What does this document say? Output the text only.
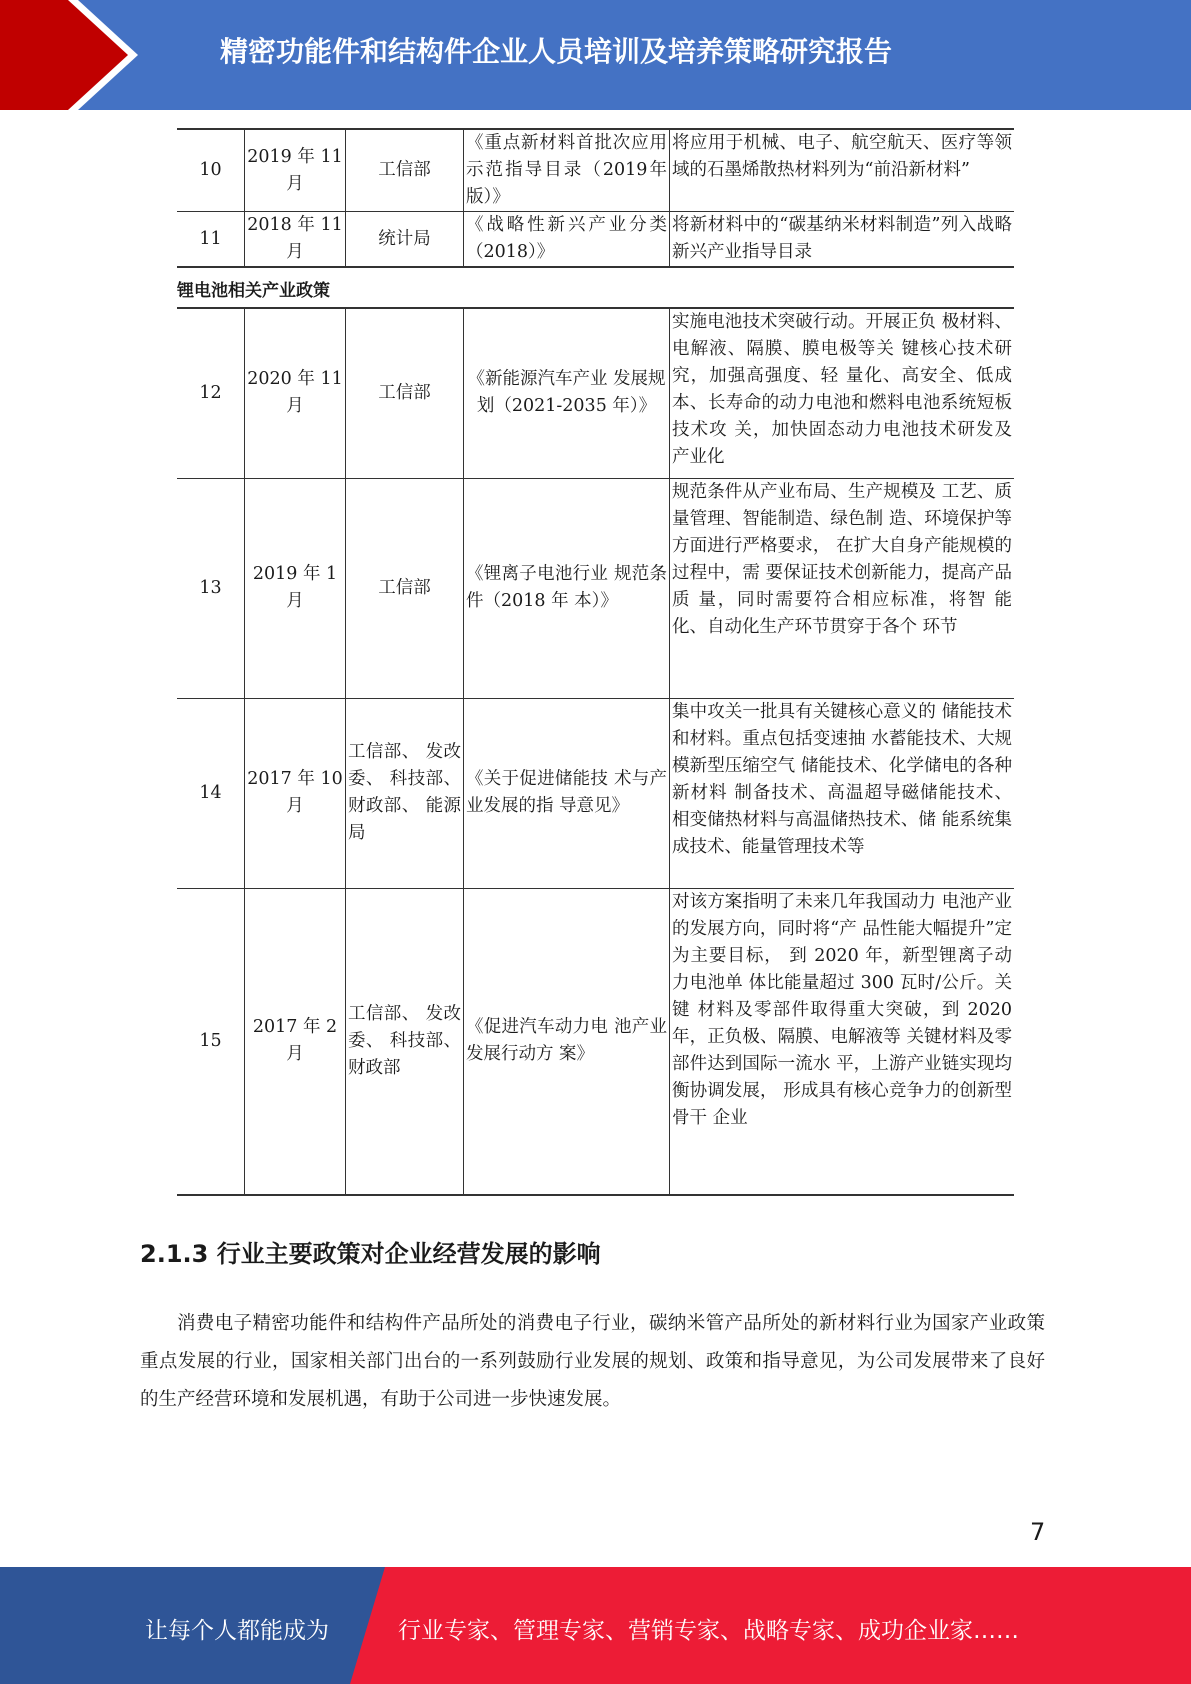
精密功能件和结构件企业人员培训及培养策略研究报告
10	2019 年 11 月	工信部	《重点新材料首批次应用示范指导目录（2019年版）》	将应用于机械、电子、航空航天、医疗等领域的石墨烯散热材料列为“前沿新材料”
11	2018 年 11 月	统计局	《战略性新兴产业分类（2018）》	将新材料中的“碳基纳米材料制造”列入战略新兴产业指导目录
锂电池相关产业政策
12	2020 年 11 月	工信部	《新能源汽车产业 发展规划（2021-2035 年）》	实施电池技术突破行动。开展正负 极材料、电解液、隔膜、膜电极等关 键核心技术研究，加强高强度、轻 量化、高安全、低成本、长寿命的动力电池和燃料电池系统短板技术攻 关，加快固态动力电池技术研发及 产业化
13	2019 年 1 月	工信部	《锂离子电池行业 规范条件（2018 年 本）》	规范条件从产业布局、生产规模及 工艺、质量管理、智能制造、绿色制 造、环境保护等方面进行严格要求， 在扩大自身产能规模的过程中，需 要保证技术创新能力，提高产品质 量，同时需要符合相应标准，将智 能化、自动化生产环节贯穿于各个 环节
14	2017 年 10 月	工信部、 发改委、 科技部、 财政部、 能源局	《关于促进储能技 术与产业发展的指 导意见》	集中攻关一批具有关键核心意义的 储能技术和材料。重点包括变速抽 水蓄能技术、大规模新型压缩空气 储能技术、化学储电的各种新材料 制备技术、高温超导磁储能技术、 相变储热材料与高温储热技术、储 能系统集成技术、能量管理技术等
15	2017 年 2 月	工信部、 发改委、 科技部、 财政部	《促进汽车动力电 池产业发展行动方 案》	对该方案指明了未来几年我国动力 电池产业的发展方向，同时将“产 品性能大幅提升”定为主要目标， 到 2020 年，新型锂离子动力电池单 体比能量超过 300 瓦时/公斤。关键 材料及零部件取得重大突破，到 2020 年，正负极、隔膜、电解液等 关键材料及零部件达到国际一流水 平，上游产业链实现均衡协调发展， 形成具有核心竞争力的创新型骨干 企业
2.1.3 行业主要政策对企业经营发展的影响
消费电子精密功能件和结构件产品所处的消费电子行业，碳纳米管产品所处的新材料行业为国家产业政策重点发展的行业，国家相关部门出台的一系列鼓励行业发展的规划、政策和指导意见，为公司发展带来了良好的生产经营环境和发展机遇，有助于公司进一步快速发展。
7
让每个人都能成为	行业专家、管理专家、营销专家、战略专家、成功企业家……
